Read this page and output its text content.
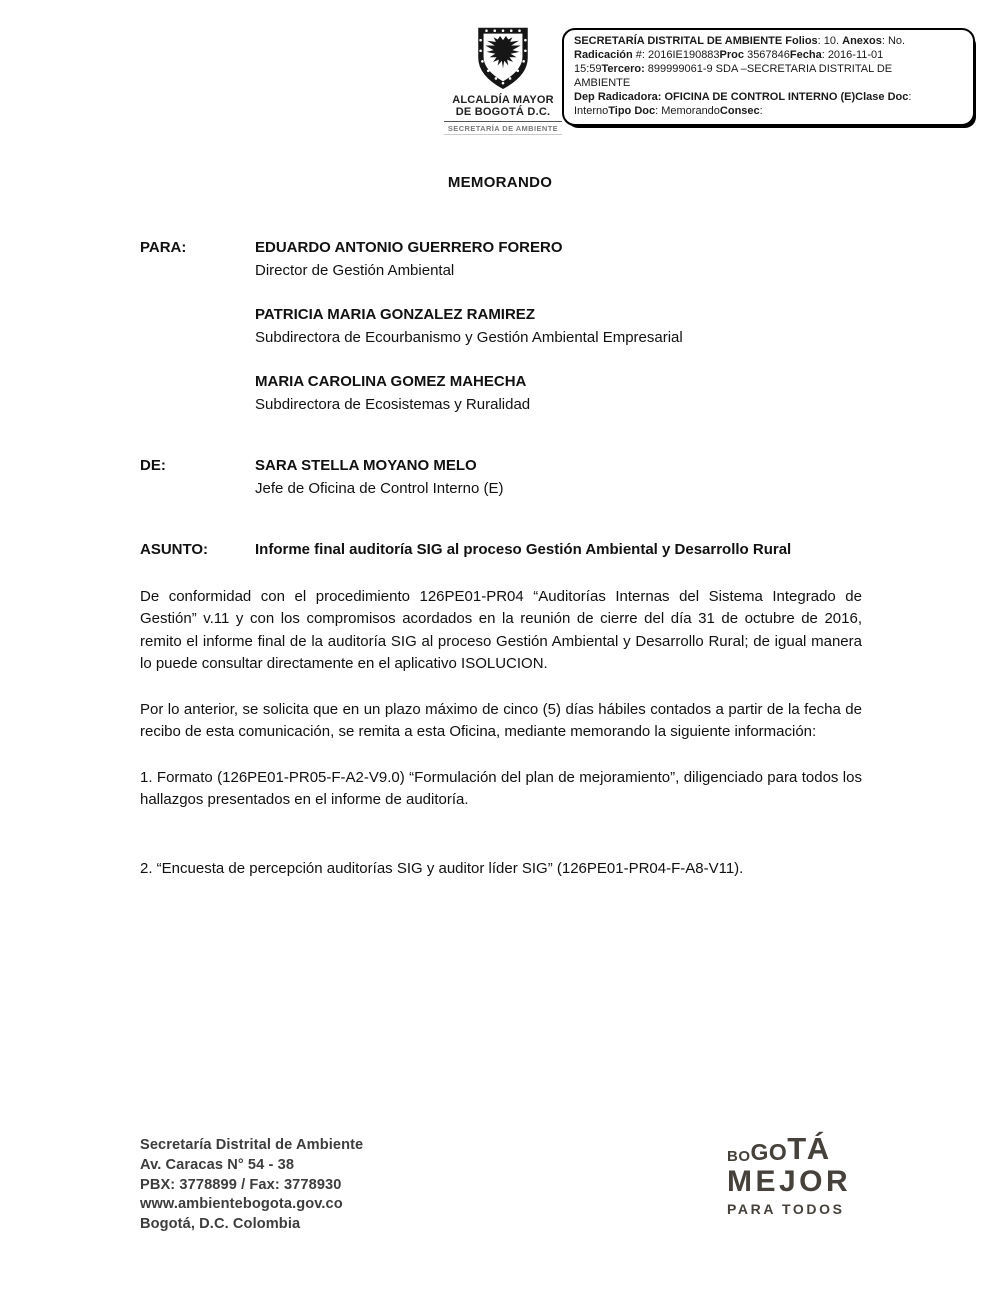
ALCALDÍA MAYOR
DE BOGOTÁ D.C.
SECRETARÍA DE AMBIENTE
SECRETARÍA DISTRITAL DE AMBIENTE Folios: 10. Anexos: No.
Radicación #: 2016IE190883Proc 3567846Fecha: 2016-11-01
15:59Tercero: 899999061-9 SDA –SECRETARIA DISTRITAL DE
AMBIENTE
Dep Radicadora: OFICINA DE CONTROL INTERNO (E)Clase Doc:
InternoTipo Doc: MemorandoConsec:
MEMORANDO
PARA:	EDUARDO ANTONIO GUERRERO FORERO
Director de Gestión Ambiental
PATRICIA MARIA GONZALEZ RAMIREZ
Subdirectora de Ecourbanismo y Gestión Ambiental Empresarial
MARIA CAROLINA GOMEZ MAHECHA
Subdirectora de Ecosistemas y Ruralidad
DE:	SARA STELLA MOYANO MELO
Jefe de Oficina de Control Interno (E)
ASUNTO:	Informe final auditoría SIG al proceso Gestión Ambiental y Desarrollo Rural
De conformidad con el procedimiento 126PE01-PR04 “Auditorías Internas del Sistema Integrado de Gestión” v.11 y con los compromisos acordados en la reunión de cierre del día 31 de octubre de 2016, remito el informe final de la auditoría SIG al proceso Gestión Ambiental y Desarrollo Rural; de igual manera lo puede consultar directamente en el aplicativo ISOLUCION.
Por lo anterior, se solicita que en un plazo máximo de cinco (5) días hábiles contados a partir de la fecha de recibo de esta comunicación, se remita a esta Oficina, mediante memorando la siguiente información:
1. Formato (126PE01-PR05-F-A2-V9.0) “Formulación del plan de mejoramiento”, diligenciado para todos los hallazgos presentados en el informe de auditoría.
2. “Encuesta de percepción auditorías SIG y auditor líder SIG” (126PE01-PR04-F-A8-V11).
Secretaría Distrital de Ambiente
Av. Caracas N° 54 - 38
PBX: 3778899 / Fax: 3778930
www.ambientebogota.gov.co
Bogotá, D.C. Colombia
BO GO TÁ
MEJOR
PARA TODOS
